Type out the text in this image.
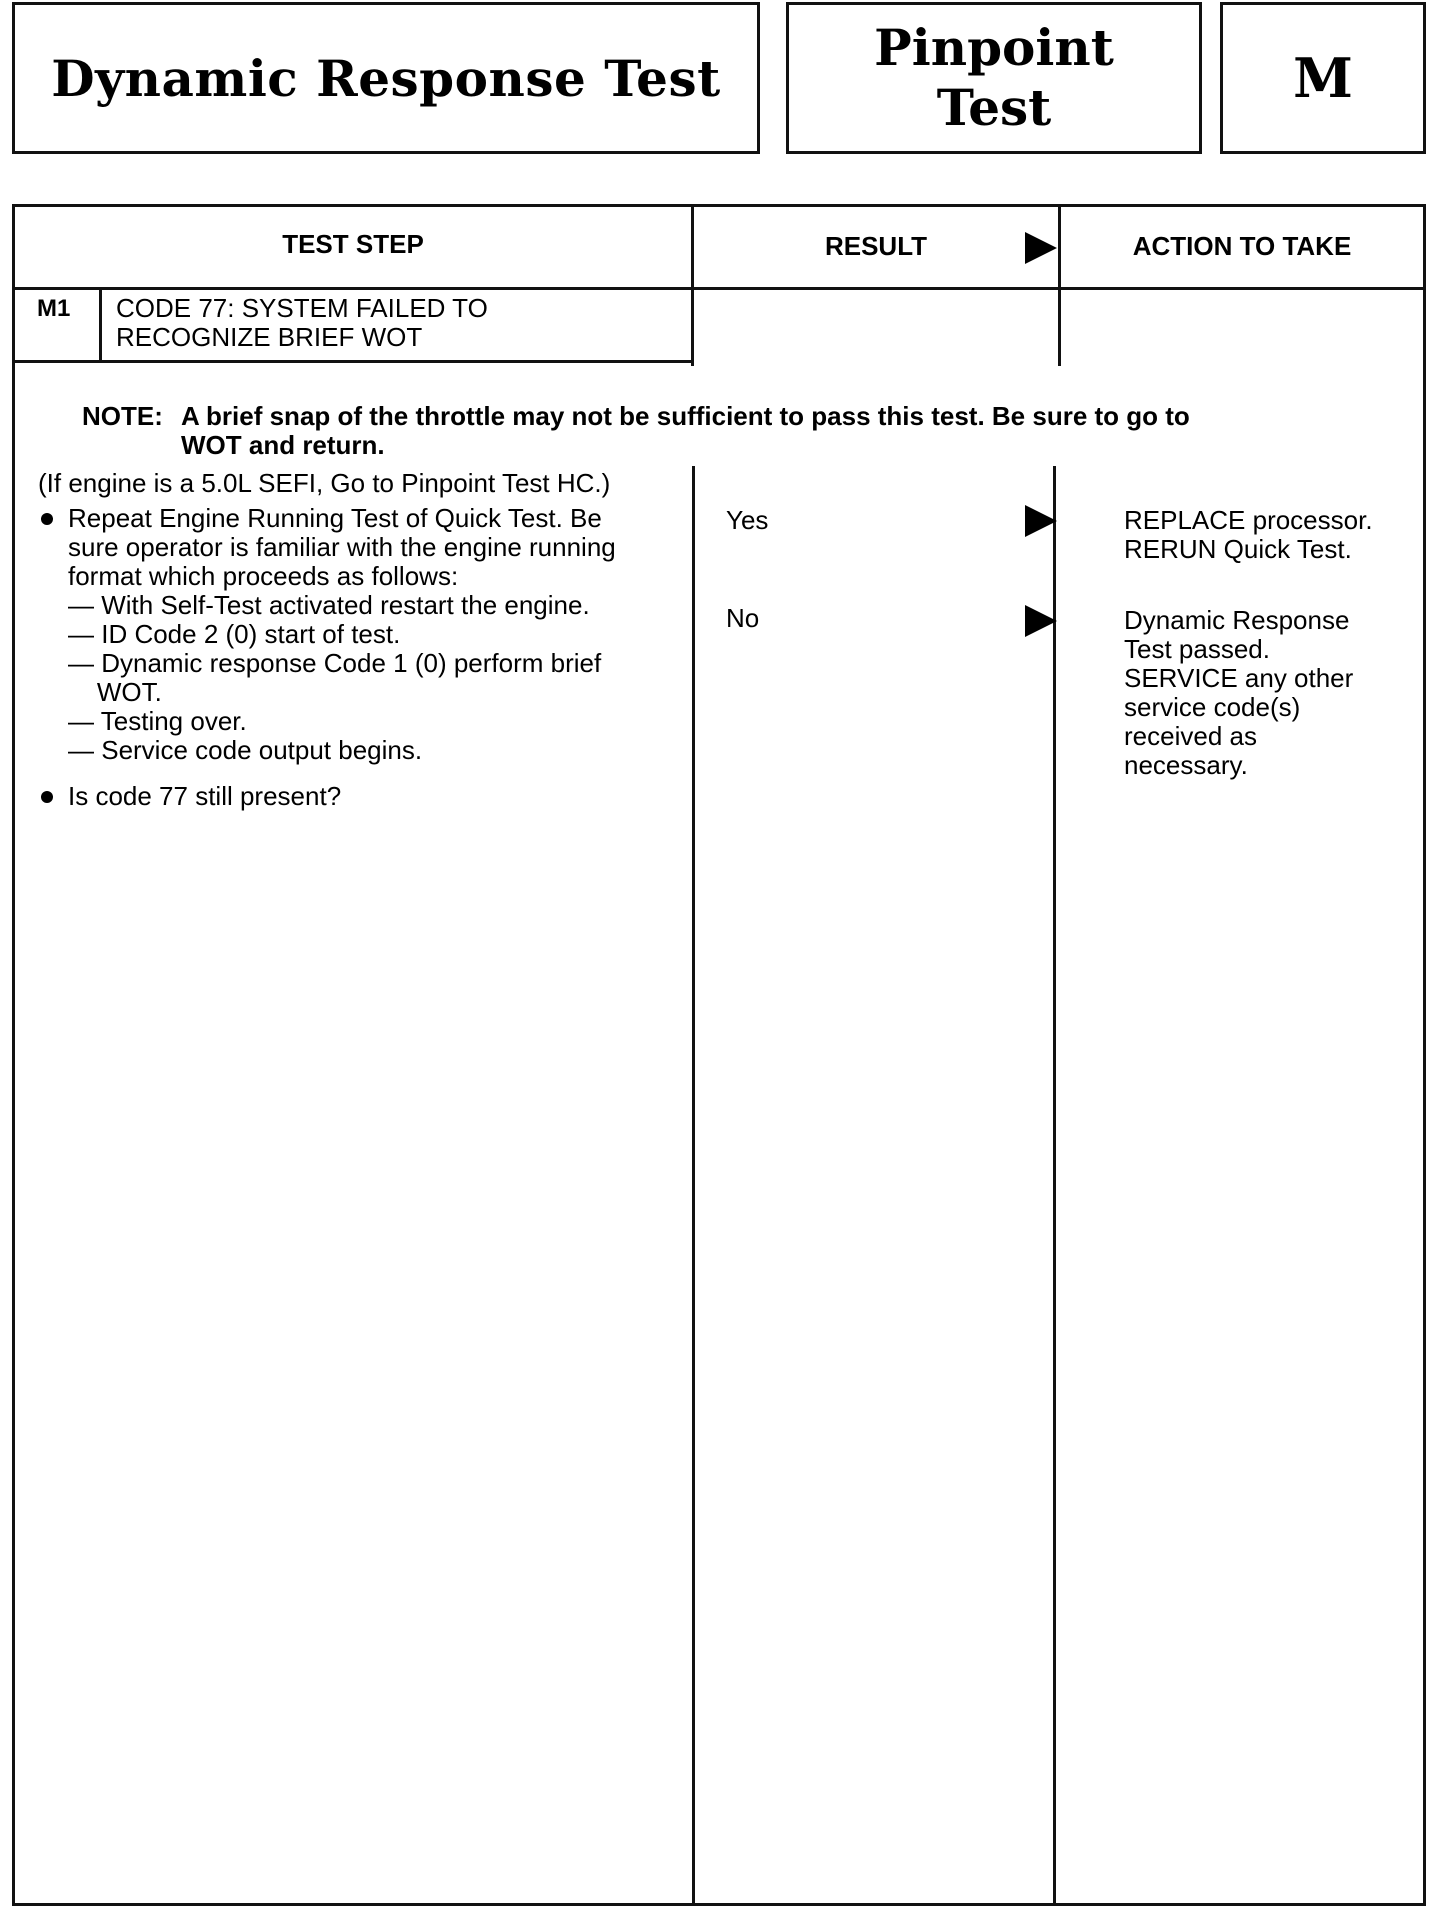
Dynamic Response Test
Pinpoint
Test	M
TEST STEP	RESULT	ACTION TO TAKE
M1 CODE 77: SYSTEM FAILED TO
RECOGNIZE BRIEF WOT
NOTE: A brief snap of the throttle may not be sufficient to pass this test. Be sure to go to
WOT and return.
(If engine is a 5.0L SEFI, Go to Pinpoint Test HC.)
Repeat Engine Running Test of Quick Test. Be
sure operator is familiar with the engine running
format which proceeds as follows:
— With Self-Test activated restart the engine.
— ID Code 2 (0) start of test.
— Dynamic response Code 1 (0) perform brief
WOT.
— Testing over.
— Service code output begins.
Is code 77 still present?
Yes	REPLACE processor.
RERUN Quick Test.
No	Dynamic Response
Test passed.
SERVICE any other
service code(s)
received as
necessary.
